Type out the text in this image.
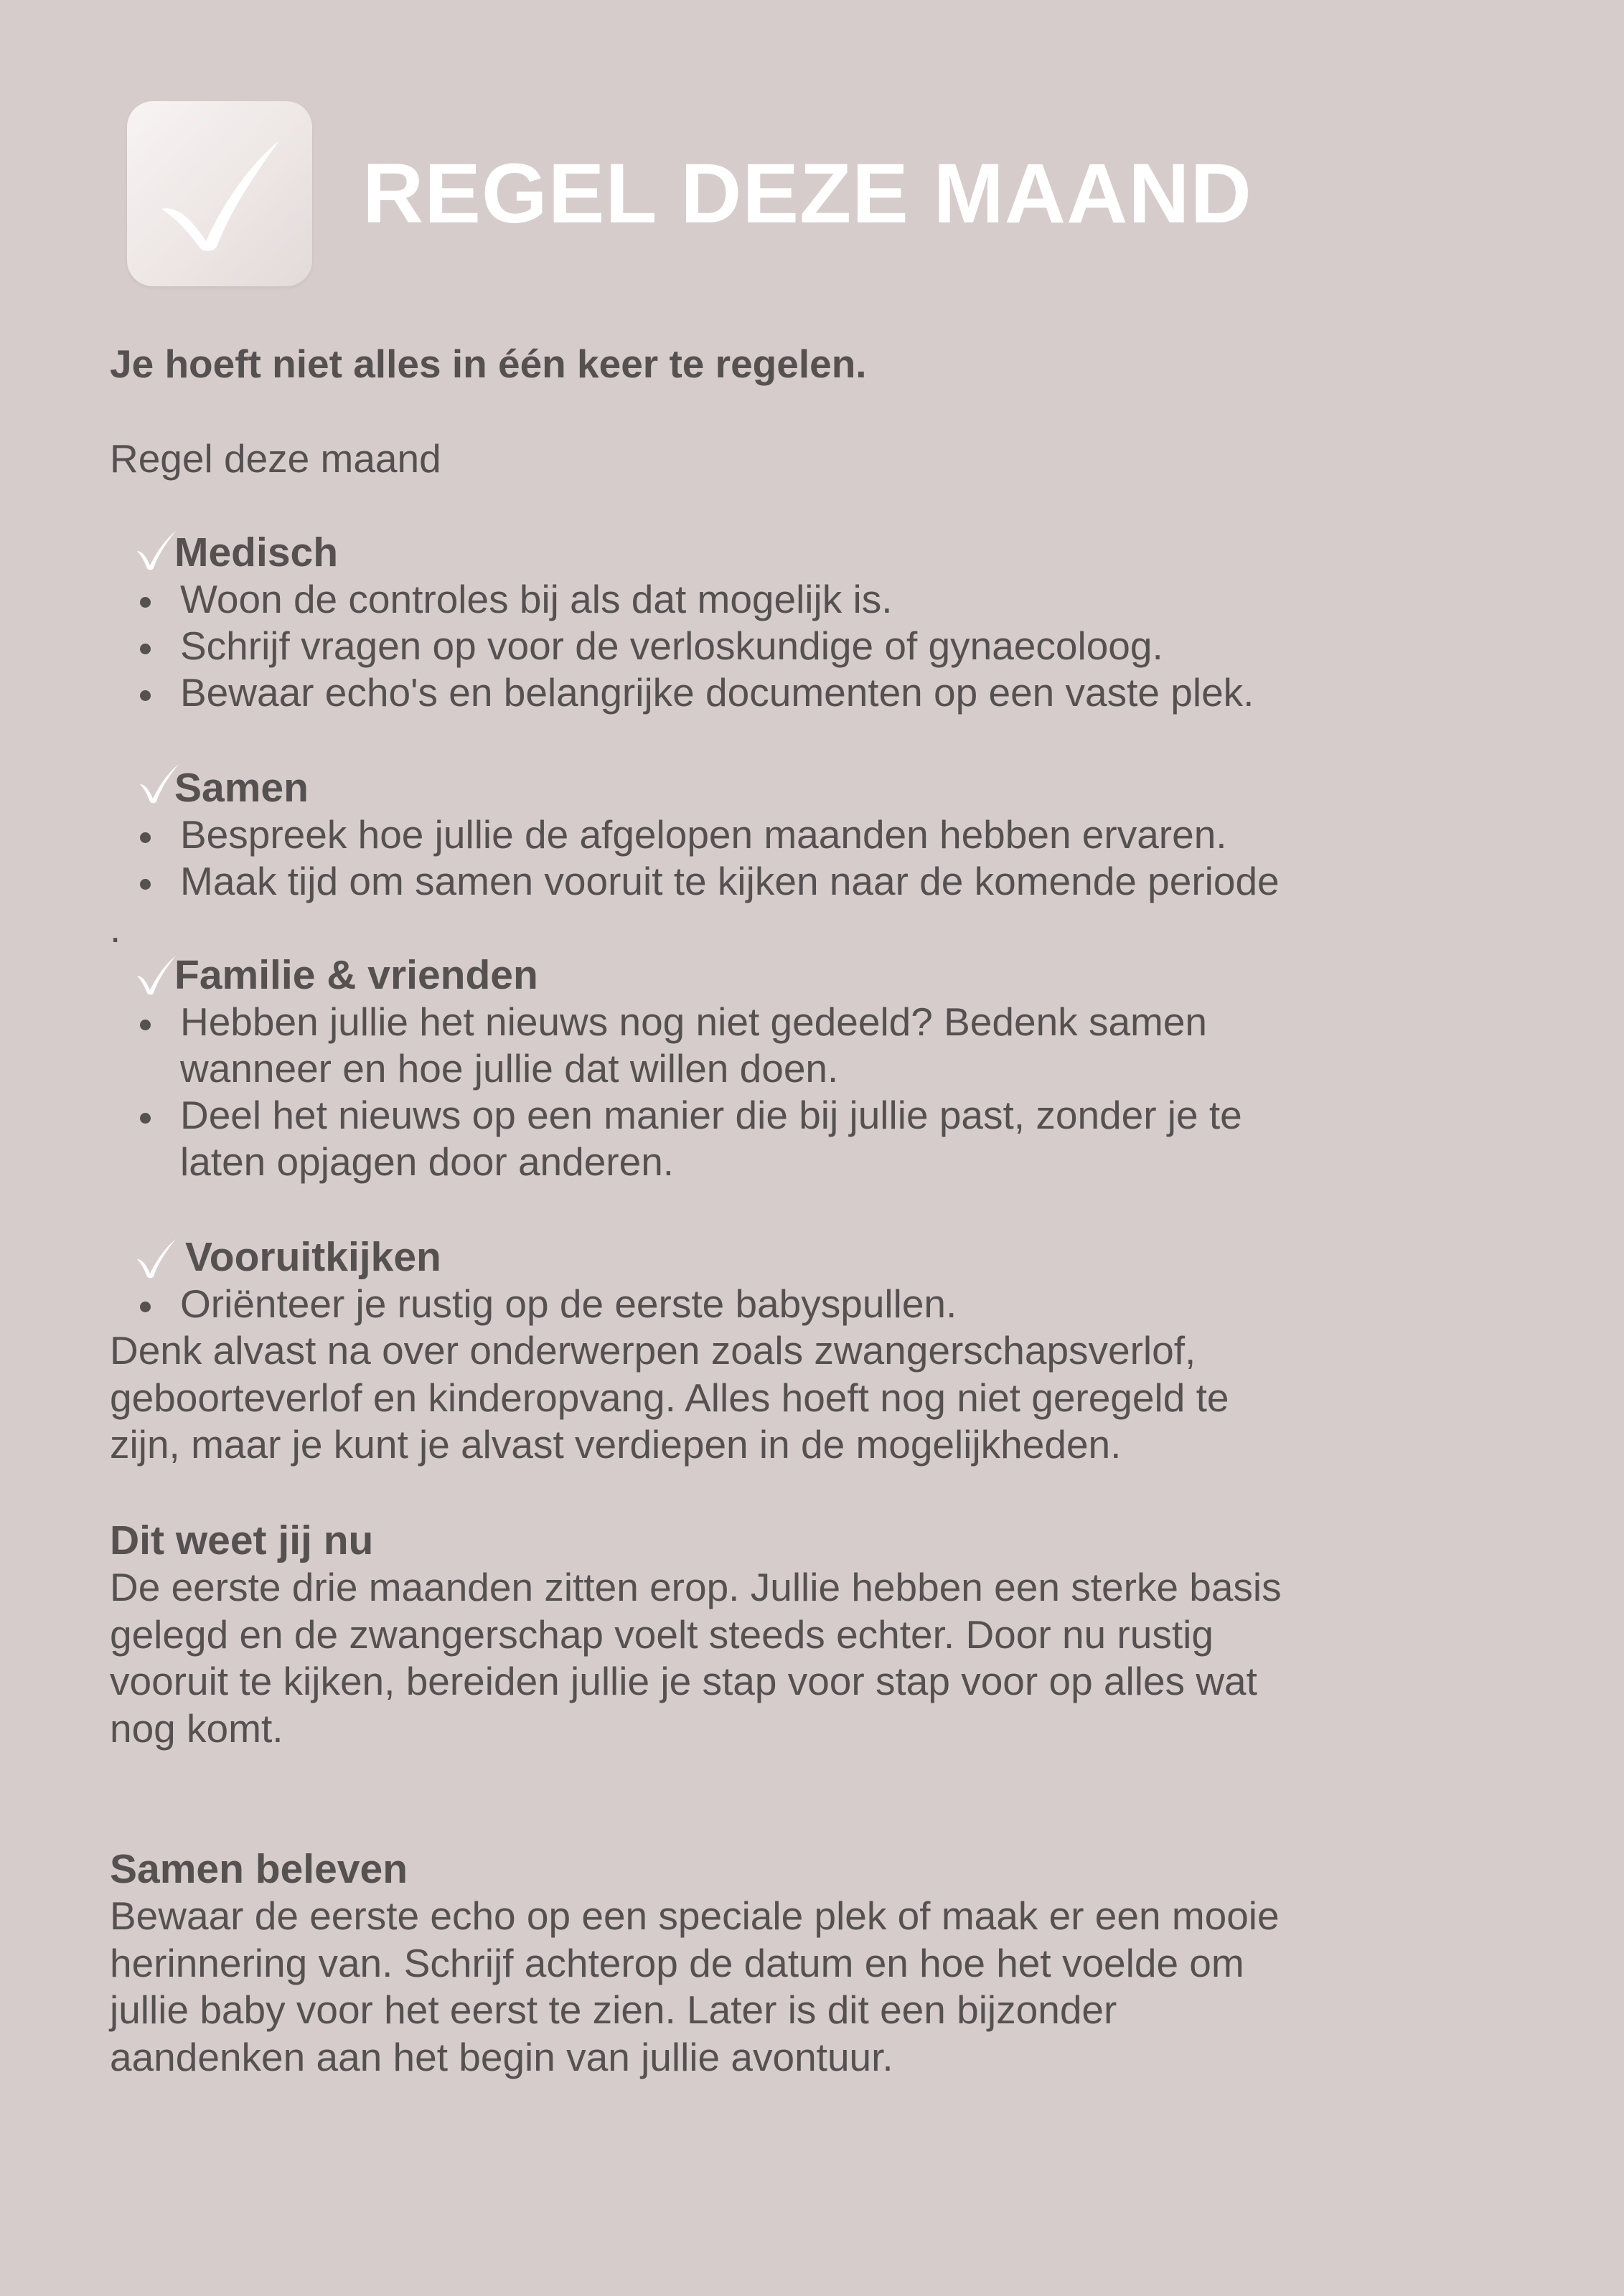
REGEL DEZE MAAND
Je hoeft niet alles in één keer te regelen.
Regel deze maand
Medisch
Woon de controles bij als dat mogelijk is.
Schrijf vragen op voor de verloskundige of gynaecoloog.
Bewaar echo's en belangrijke documenten op een vaste plek.
Samen
Bespreek hoe jullie de afgelopen maanden hebben ervaren.
Maak tijd om samen vooruit te kijken naar de komende periode
.
Familie & vrienden
Hebben jullie het nieuws nog niet gedeeld? Bedenk samen
wanneer en hoe jullie dat willen doen.
Deel het nieuws op een manier die bij jullie past, zonder je te
laten opjagen door anderen.
Vooruitkijken
Oriënteer je rustig op de eerste babyspullen.
Denk alvast na over onderwerpen zoals zwangerschapsverlof,
geboorteverlof en kinderopvang. Alles hoeft nog niet geregeld te
zijn, maar je kunt je alvast verdiepen in de mogelijkheden.
Dit weet jij nu
De eerste drie maanden zitten erop. Jullie hebben een sterke basis
gelegd en de zwangerschap voelt steeds echter. Door nu rustig
vooruit te kijken, bereiden jullie je stap voor stap voor op alles wat
nog komt.
Samen beleven
Bewaar de eerste echo op een speciale plek of maak er een mooie
herinnering van. Schrijf achterop de datum en hoe het voelde om
jullie baby voor het eerst te zien. Later is dit een bijzonder
aandenken aan het begin van jullie avontuur.
